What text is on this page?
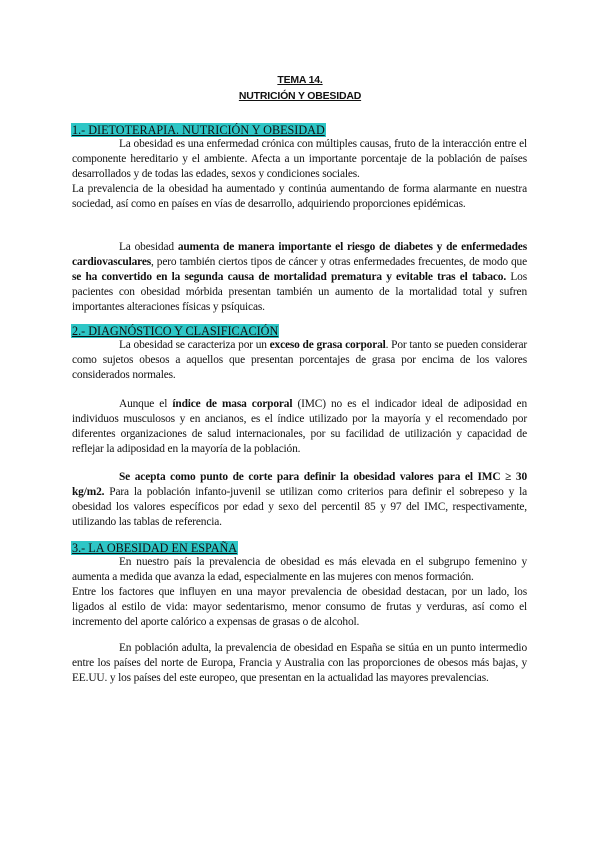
TEMA 14.
NUTRICIÓN Y OBESIDAD
1.- DIETOTERAPIA. NUTRICIÓN Y OBESIDAD

La obesidad es una enfermedad crónica con múltiples causas, fruto de la interacción entre el componente hereditario y el ambiente. Afecta a un importante porcentaje de la población de países desarrollados y de todas las edades, sexos y condiciones sociales.

La prevalencia de la obesidad ha aumentado y continúa aumentando de forma alarmante en nuestra sociedad, así como en países en vías de desarrollo, adquiriendo proporciones epidémicas.

La obesidad aumenta de manera importante el riesgo de diabetes y de enfermedades cardiovasculares, pero también ciertos tipos de cáncer y otras enfermedades frecuentes, de modo que se ha convertido en la segunda causa de mortalidad prematura y evitable tras el tabaco. Los pacientes con obesidad mórbida presentan también un aumento de la mortalidad total y sufren importantes alteraciones físicas y psíquicas.

2.- DIAGNÓSTICO Y CLASIFICACIÓN

La obesidad se caracteriza por un exceso de grasa corporal. Por tanto se pueden considerar como sujetos obesos a aquellos que presentan porcentajes de grasa por encima de los valores considerados normales.

Aunque el índice de masa corporal (IMC) no es el indicador ideal de adiposidad en individuos musculosos y en ancianos, es el índice utilizado por la mayoría y el recomendado por diferentes organizaciones de salud internacionales, por su facilidad de utilización y capacidad de reflejar la adiposidad en la mayoría de la población.

Se acepta como punto de corte para definir la obesidad valores para el IMC ≥ 30 kg/m2. Para la población infanto-juvenil se utilizan como criterios para definir el sobrepeso y la obesidad los valores específicos por edad y sexo del percentil 85 y 97 del IMC, respectivamente, utilizando las tablas de referencia.

3.- LA OBESIDAD EN ESPAÑA

En nuestro país la prevalencia de obesidad es más elevada en el subgrupo femenino y aumenta a medida que avanza la edad, especialmente en las mujeres con menos formación.

Entre los factores que influyen en una mayor prevalencia de obesidad destacan, por un lado, los ligados al estilo de vida: mayor sedentarismo, menor consumo de frutas y verduras, así como el incremento del aporte calórico a expensas de grasas o de alcohol.

En población adulta, la prevalencia de obesidad en España se sitúa en un punto intermedio entre los países del norte de Europa, Francia y Australia con las proporciones de obesos más bajas, y EE.UU. y los países del este europeo, que presentan en la actualidad las mayores prevalencias.
